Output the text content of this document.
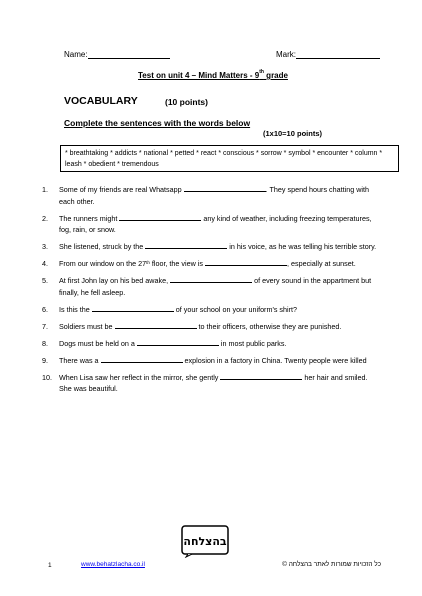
Name:	Mark:
Test on unit 4 – Mind Matters - 9th grade
VOCABULARY	(10 points)
Complete the sentences with the words below
(1x10=10 points)
* breathtaking * addicts * national * petted * react * conscious * sorrow * symbol * encounter * column * leash * obedient * tremendous
1.	Some of my friends are real Whatsapp	. They spend hours chatting with each other.
2.	The runners might	any kind of weather, including freezing temperatures, fog, rain, or snow.
3.	She listened, struck by the	in his voice, as he was telling his terrible story.
4.	From our window on the 27th floor, the view is	, especially at sunset.
5.	At first John lay on his bed awake,	of every sound in the appartment but finally, he fell asleep.
6.	Is this the	of your school on your uniform's shirt?
7.	Soldiers must be	to their officers, otherwise they are punished.
8.	Dogs must be held on a	in most public parks.
9.	There was a	explosion in a factory in China. Twenty people were killed
10. When Lisa saw her reflect in the mirror, she gently	her hair and smiled. She was beautiful.
בהצלחה
1	www.behatzlacha.co.il	כל הזכויות שמורות לאתר בהצלחה ©
